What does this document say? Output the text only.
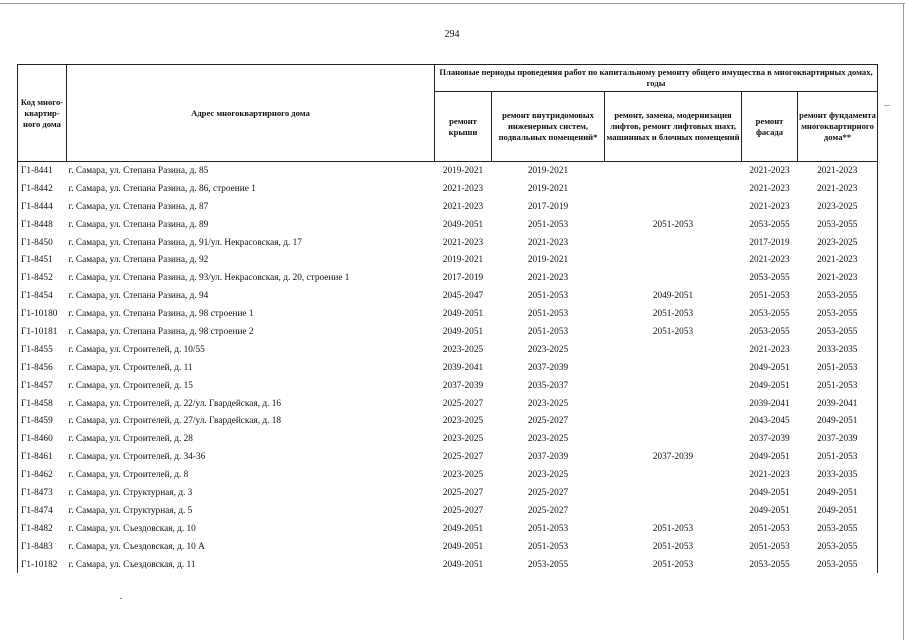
294
Код много-квартир-ного дома	Адрес многоквартирного дома	Плановые периоды проведения работ по капитальному ремонту общего имущества в многоквартирных домах, годы				
		ремонт крыши	ремонт внутридомовых инженерных систем, подвальных помещений*	ремонт, замена, модернизация лифтов, ремонт лифтовых шахт, машинных и блочных помещений	ремонт фасада	ремонт фундамента многоквартирного дома**
Г1-8441	г. Самара, ул. Степана Разина, д. 85	2019-2021	2019-2021		2021-2023	2021-2023
Г1-8442	г. Самара, ул. Степана Разина, д. 86, строение 1	2021-2023	2019-2021		2021-2023	2021-2023
Г1-8444	г. Самара, ул. Степана Разина, д. 87	2021-2023	2017-2019		2021-2023	2023-2025
Г1-8448	г. Самара, ул. Степана Разина, д. 89	2049-2051	2051-2053	2051-2053	2053-2055	2053-2055
Г1-8450	г. Самара, ул. Степана Разина, д. 91/ул. Некрасовская, д. 17	2021-2023	2021-2023		2017-2019	2023-2025
Г1-8451	г. Самара, ул. Степана Разина, д. 92	2019-2021	2019-2021		2021-2023	2021-2023
Г1-8452	г. Самара, ул. Степана Разина, д. 93/ул. Некрасовская, д. 20, строение 1	2017-2019	2021-2023		2053-2055	2021-2023
Г1-8454	г. Самара, ул. Степана Разина, д. 94	2045-2047	2051-2053	2049-2051	2051-2053	2053-2055
Г1-10180	г. Самара, ул. Степана Разина, д. 98 строение 1	2049-2051	2051-2053	2051-2053	2053-2055	2053-2055
Г1-10181	г. Самара, ул. Степана Разина, д. 98 строение 2	2049-2051	2051-2053	2051-2053	2053-2055	2053-2055
Г1-8455	г. Самара, ул. Строителей, д. 10/55	2023-2025	2023-2025		2021-2023	2033-2035
Г1-8456	г. Самара, ул. Строителей, д. 11	2039-2041	2037-2039		2049-2051	2051-2053
Г1-8457	г. Самара, ул. Строителей, д. 15	2037-2039	2035-2037		2049-2051	2051-2053
Г1-8458	г. Самара, ул. Строителей, д. 22/ул. Гвардейская, д. 16	2025-2027	2023-2025		2039-2041	2039-2041
Г1-8459	г. Самара, ул. Строителей, д. 27/ул. Гвардейская, д. 18	2023-2025	2025-2027		2043-2045	2049-2051
Г1-8460	г. Самара, ул. Строителей, д. 28	2023-2025	2023-2025		2037-2039	2037-2039
Г1-8461	г. Самара, ул. Строителей, д. 34-36	2025-2027	2037-2039	2037-2039	2049-2051	2051-2053
Г1-8462	г. Самара, ул. Строителей, д. 8	2023-2025	2023-2025		2021-2023	2033-2035
Г1-8473	г. Самара, ул. Структурная, д. 3	2025-2027	2025-2027		2049-2051	2049-2051
Г1-8474	г. Самара, ул. Структурная, д. 5	2025-2027	2025-2027		2049-2051	2049-2051
Г1-8482	г. Самара, ул. Съездовская, д. 10	2049-2051	2051-2053	2051-2053	2051-2053	2053-2055
Г1-8483	г. Самара, ул. Съездовская, д. 10 А	2049-2051	2051-2053	2051-2053	2051-2053	2053-2055
Г1-10182	г. Самара, ул. Съездовская, д. 11	2049-2051	2053-2055	2051-2053	2053-2055	2053-2055
